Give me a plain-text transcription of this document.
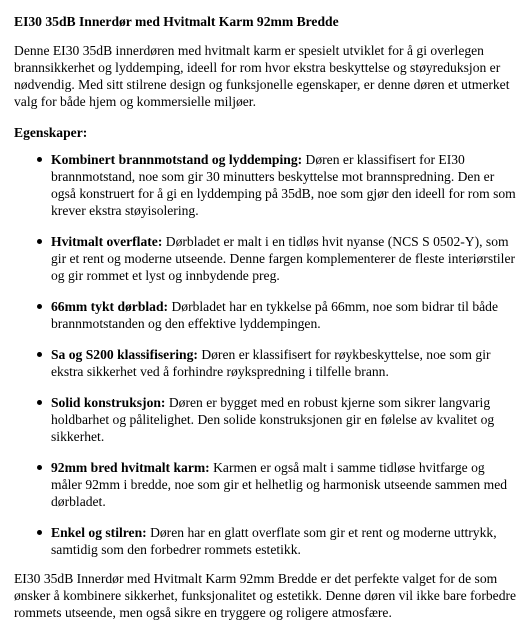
EI30 35dB Innerdør med Hvitmalt Karm 92mm Bredde

Denne EI30 35dB innerdøren med hvitmalt karm er spesielt utviklet for å gi overlegen brannsikkerhet og lyddemping, ideell for rom hvor ekstra beskyttelse og støyreduksjon er nødvendig. Med sitt stilrene design og funksjonelle egenskaper, er denne døren et utmerket valg for både hjem og kommersielle miljøer.

Egenskaper:

Kombinert brannmotstand og lyddemping: Døren er klassifisert for EI30 brannmotstand, noe som gir 30 minutters beskyttelse mot brannspredning. Den er også konstruert for å gi en lyddemping på 35dB, noe som gjør den ideell for rom som krever ekstra støyisolering.
Hvitmalt overflate: Dørbladet er malt i en tidløs hvit nyanse (NCS S 0502-Y), som gir et rent og moderne utseende. Denne fargen komplementerer de fleste interiørstiler og gir rommet et lyst og innbydende preg.
66mm tykt dørblad: Dørbladet har en tykkelse på 66mm, noe som bidrar til både brannmotstanden og den effektive lyddempingen.
Sa og S200 klassifisering: Døren er klassifisert for røykbeskyttelse, noe som gir ekstra sikkerhet ved å forhindre røykspredning i tilfelle brann.
Solid konstruksjon: Døren er bygget med en robust kjerne som sikrer langvarig holdbarhet og pålitelighet. Den solide konstruksjonen gir en følelse av kvalitet og sikkerhet.
92mm bred hvitmalt karm: Karmen er også malt i samme tidløse hvitfarge og måler 92mm i bredde, noe som gir et helhetlig og harmonisk utseende sammen med dørbladet.
Enkel og stilren: Døren har en glatt overflate som gir et rent og moderne uttrykk, samtidig som den forbedrer rommets estetikk.

EI30 35dB Innerdør med Hvitmalt Karm 92mm Bredde er det perfekte valget for de som ønsker å kombinere sikkerhet, funksjonalitet og estetikk. Denne døren vil ikke bare forbedre rommets utseende, men også sikre en tryggere og roligere atmosfære.
